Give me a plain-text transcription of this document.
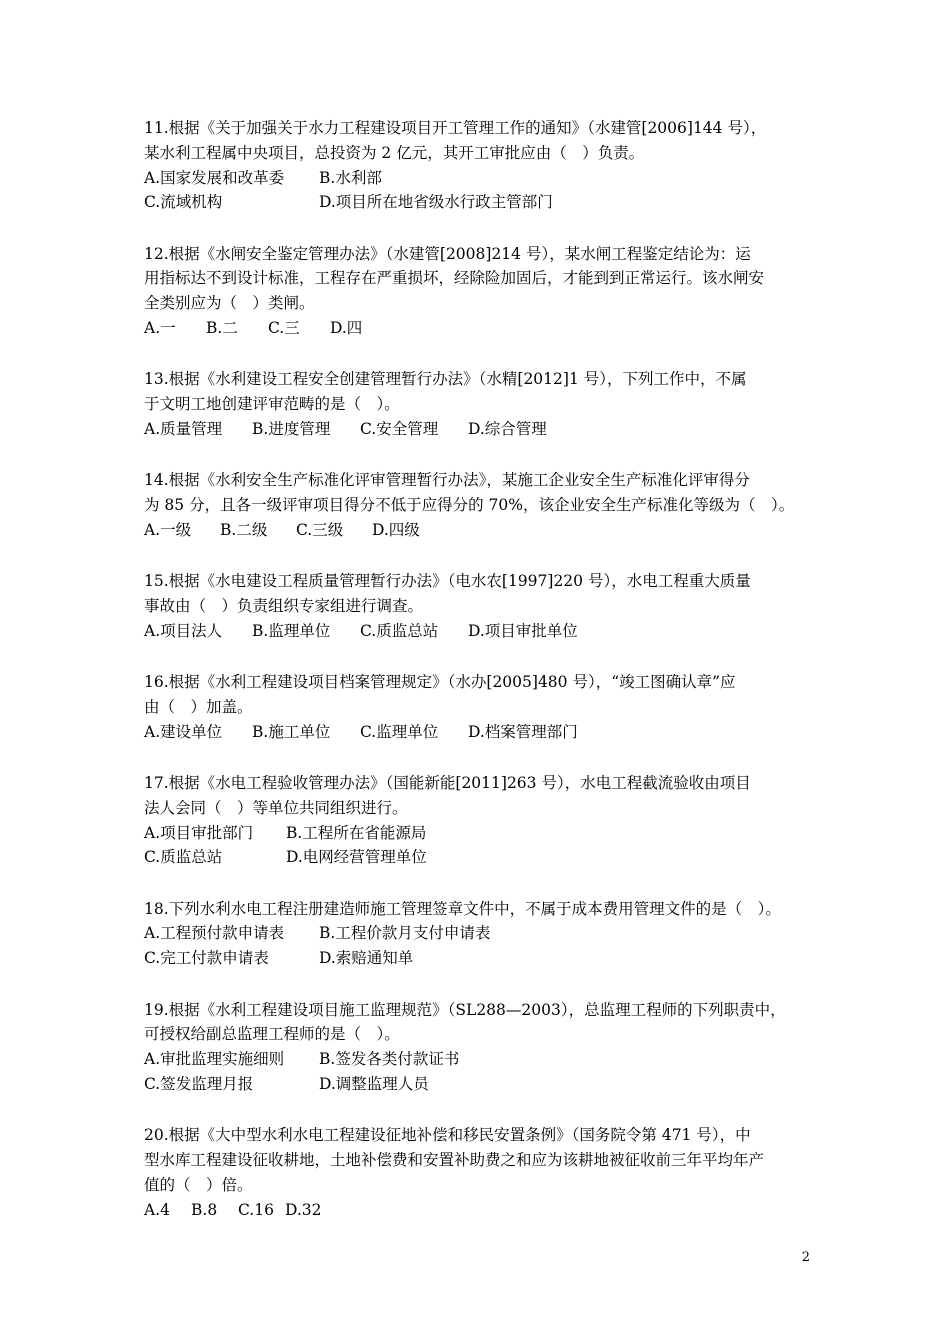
11.根据《关于加强关于水力工程建设项目开工管理工作的通知》（水建管[2006]144 号），
某水利工程属中央项目，总投资为 2 亿元，其开工审批应由（　）负责。
A.国家发展和改革委	B.水利部
C.流域机构	D.项目所在地省级水行政主管部门
12.根据《水闸安全鉴定管理办法》（水建管[2008]214 号），某水闸工程鉴定结论为：运
用指标达不到设计标准，工程存在严重损坏，经除险加固后，才能到到正常运行。该水闸安
全类别应为（　）类闸。
A.一	B.二	C.三	D.四
13.根据《水利建设工程安全创建管理暂行办法》（水精[2012]1 号），下列工作中，不属
于文明工地创建评审范畴的是（　）。
A.质量管理	B.进度管理	C.安全管理	D.综合管理
14.根据《水利安全生产标准化评审管理暂行办法》，某施工企业安全生产标准化评审得分
为 85 分，且各一级评审项目得分不低于应得分的 70%，该企业安全生产标准化等级为（　）。
A.一级	B.二级	C.三级	D.四级
15.根据《水电建设工程质量管理暂行办法》（电水农[1997]220 号），水电工程重大质量
事故由（　）负责组织专家组进行调查。
A.项目法人	B.监理单位	C.质监总站	D.项目审批单位
16.根据《水利工程建设项目档案管理规定》（水办[2005]480 号），“竣工图确认章”应
由（　）加盖。
A.建设单位	B.施工单位	C.监理单位	D.档案管理部门
17.根据《水电工程验收管理办法》（国能新能[2011]263 号），水电工程截流验收由项目
法人会同（　）等单位共同组织进行。
A.项目审批部门	B.工程所在省能源局
C.质监总站	D.电网经营管理单位
18.下列水利水电工程注册建造师施工管理签章文件中，不属于成本费用管理文件的是（　）。
A.工程预付款申请表	B.工程价款月支付申请表
C.完工付款申请表	D.索赔通知单
19.根据《水利工程建设项目施工监理规范》（SL288—2003），总监理工程师的下列职责中，
可授权给副总监理工程师的是（　）。
A.审批监理实施细则	B.签发各类付款证书
C.签发监理月报	D.调整监理人员
20.根据《大中型水利水电工程建设征地补偿和移民安置条例》（国务院令第 471 号），中
型水库工程建设征收耕地，土地补偿费和安置补助费之和应为该耕地被征收前三年平均年产
值的（　）倍。
A.4	B.8	C.16 D.32
2
